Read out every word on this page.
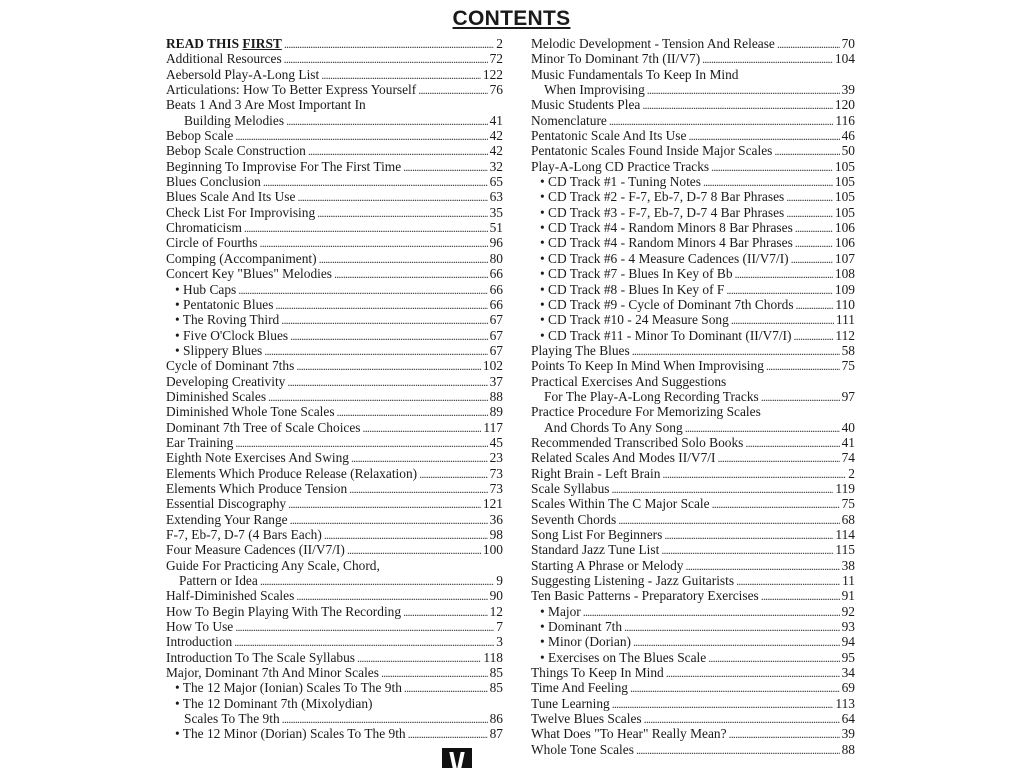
CONTENTS
READ THIS FIRST . . .	2
Additional Resources . . .	72
Aebersold Play-A-Long List . . .	122
Articulations: How To Better Express Yourself . . .	76
Beats 1 And 3 Are Most Important In
Building Melodies . . .	41
Bebop Scale . . .	42
Bebop Scale Construction . . .	42
Beginning To Improvise For The First Time . . .	32
Blues Conclusion . . .	65
Blues Scale And Its Use . . .	63
Check List For Improvising . . .	35
Chromaticism . . .	51
Circle of Fourths . . .	96
Comping (Accompaniment) . . .	80
Concert Key "Blues" Melodies . . .	66
• Hub Caps . . .	66
• Pentatonic Blues . . .	66
• The Roving Third . . .	67
• Five O'Clock Blues . . .	67
• Slippery Blues . . .	67
Cycle of Dominant 7ths . . .	102
Developing Creativity . . .	37
Diminished Scales . . .	88
Diminished Whole Tone Scales . . .	89
Dominant 7th Tree of Scale Choices . . .	117
Ear Training . . .	45
Eighth Note Exercises And Swing . . .	23
Elements Which Produce Release (Relaxation) . . .	73
Elements Which Produce Tension . . .	73
Essential Discography . . .	121
Extending Your Range . . .	36
F-7, Eb-7, D-7 (4 Bars Each) . . .	98
Four Measure Cadences (II/V7/I) . . .	100
Guide For Practicing Any Scale, Chord,
Pattern or Idea . . .	9
Half-Diminished Scales . . .	90
How To Begin Playing With The Recording . . .	12
How To Use . . .	7
Introduction . . .	3
Introduction To The Scale Syllabus . . .	118
Major, Dominant 7th And Minor Scales . . .	85
• The 12 Major (Ionian) Scales To The 9th . . .	85
• The 12 Dominant 7th (Mixolydian)
Scales To The 9th . . .	86
• The 12 Minor (Dorian) Scales To The 9th . . .	87
Melodic Development - Tension And Release . . .	70
Minor To Dominant 7th (II/V7) . . .	104
Music Fundamentals To Keep In Mind
When Improvising . . .	39
Music Students Plea . . .	120
Nomenclature . . .	116
Pentatonic Scale And Its Use . . .	46
Pentatonic Scales Found Inside Major Scales . . .	50
Play-A-Long CD Practice Tracks . . .	105
• CD Track #1 - Tuning Notes . . .	105
• CD Track #2 - F-7, Eb-7, D-7 8 Bar Phrases . . .	105
• CD Track #3 - F-7, Eb-7, D-7 4 Bar Phrases . . .	105
• CD Track #4 - Random Minors 8 Bar Phrases . . .	106
• CD Track #4 - Random Minors 4 Bar Phrases . . .	106
• CD Track #6 - 4 Measure Cadences (II/V7/I) . . .	107
• CD Track #7 - Blues In Key of Bb . . .	108
• CD Track #8 - Blues In Key of F . . .	109
• CD Track #9 - Cycle of Dominant 7th Chords . . .	110
• CD Track #10 - 24 Measure Song . . .	111
• CD Track #11 - Minor To Dominant (II/V7/I) . . .	112
Playing The Blues . . .	58
Points To Keep In Mind When Improvising . . .	75
Practical Exercises And Suggestions
For The Play-A-Long Recording Tracks . . .	97
Practice Procedure For Memorizing Scales
And Chords To Any Song . . .	40
Recommended Transcribed Solo Books . . .	41
Related Scales And Modes II/V7/I . . .	74
Right Brain - Left Brain . . .	2
Scale Syllabus . . .	119
Scales Within The C Major Scale . . .	75
Seventh Chords . . .	68
Song List For Beginners . . .	114
Standard Jazz Tune List . . .	115
Starting A Phrase or Melody . . .	38
Suggesting Listening - Jazz Guitarists . . .	11
Ten Basic Patterns - Preparatory Exercises . . .	91
• Major . . .	92
• Dominant 7th . . .	93
• Minor (Dorian) . . .	94
• Exercises on The Blues Scale . . .	95
Things To Keep In Mind . . .	34
Time And Feeling . . .	69
Tune Learning . . .	113
Twelve Blues Scales . . .	64
What Does "To Hear" Really Mean? . . .	39
Whole Tone Scales . . .	88
